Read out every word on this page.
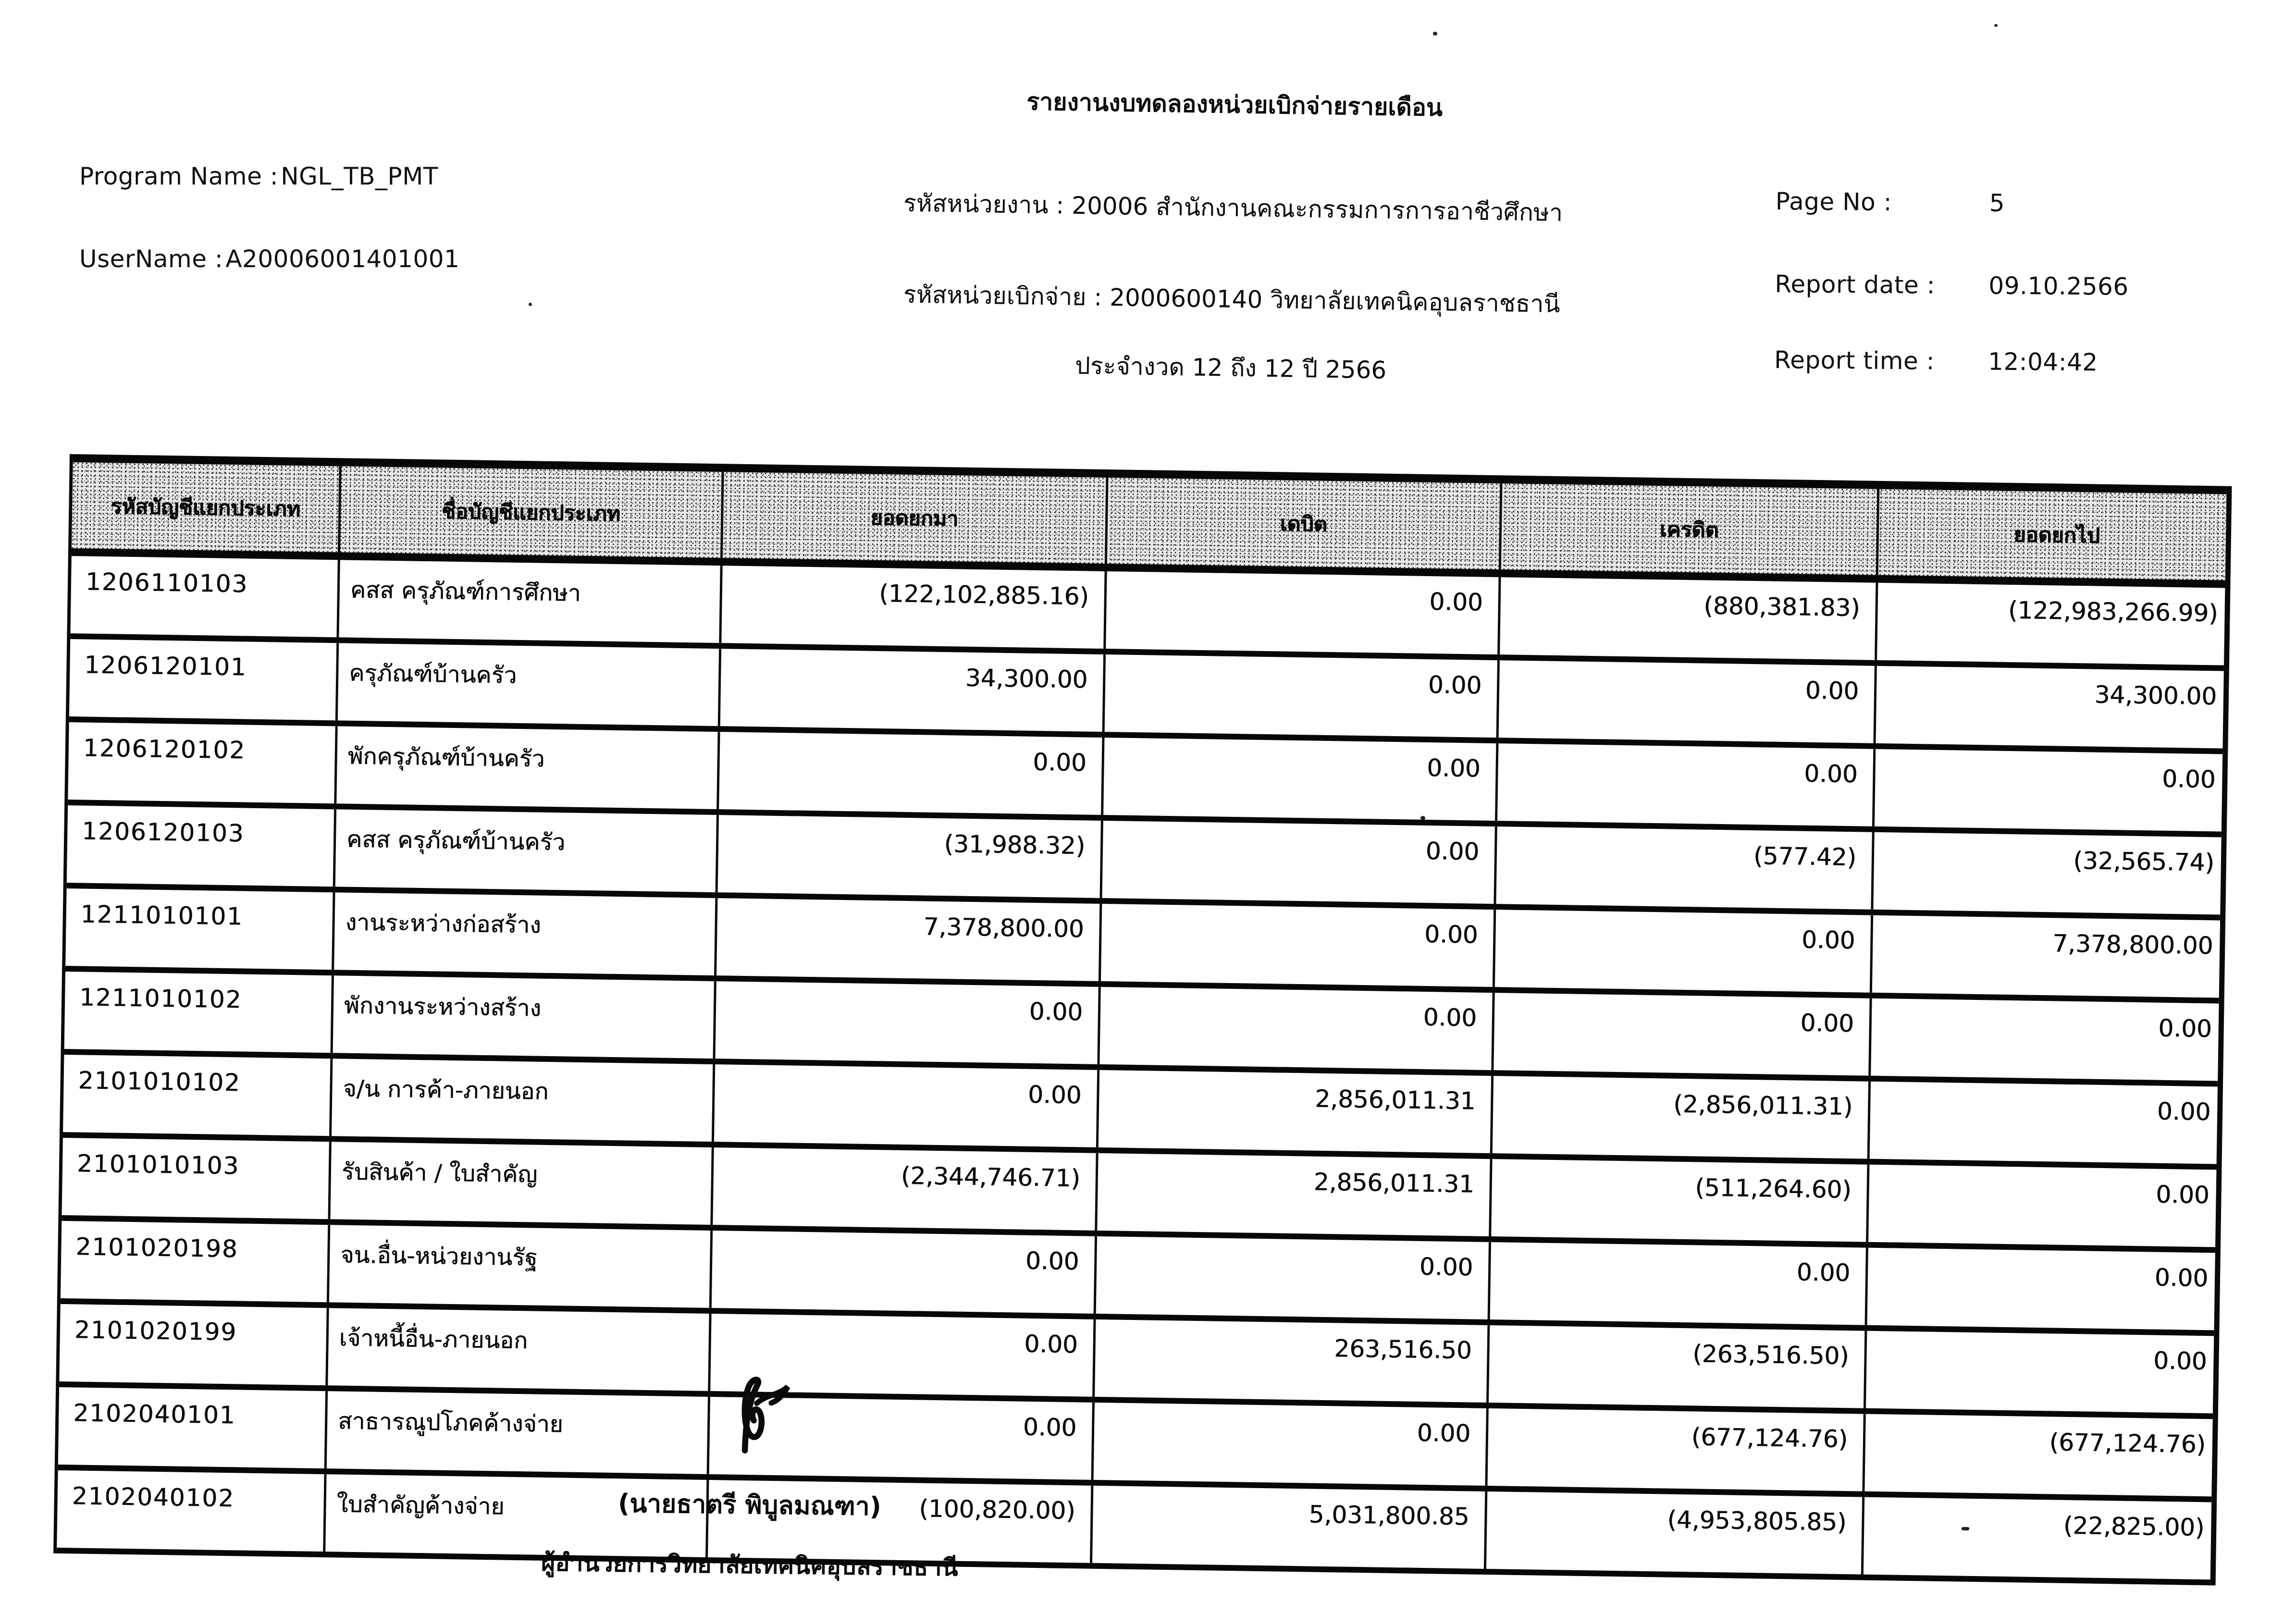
Program Name : NGL_TB_PMT
UserName : A20006001401001
รายงานงบทดลองหน่วยเบิกจ่ายรายเดือน
รหัสหน่วยงาน : 20006 สำนักงานคณะกรรมการการอาชีวศึกษา
รหัสหน่วยเบิกจ่าย : 2000600140 วิทยาลัยเทคนิคอุบลราชธานี
ประจำงวด 12 ถึง 12 ปี 2566
Page No :	5
Report date : 09.10.2566
Report time : 12:04:42
รหัสบัญชีแยกประเภท	ชื่อบัญชีแยกประเภท	ยอดยกมา	เดบิต	เครดิต	ยอดยกไป
1206110103	คสส ครุภัณฑ์การศึกษา	(122,102,885.16)	0.00	(880,381.83)	(122,983,266.99)
1206120101	ครุภัณฑ์บ้านครัว	34,300.00	0.00	0.00	34,300.00
1206120102	พักครุภัณฑ์บ้านครัว	0.00	0.00	0.00	0.00
1206120103	คสส ครุภัณฑ์บ้านครัว	(31,988.32)	0.00	(577.42)	(32,565.74)
1211010101	งานระหว่างก่อสร้าง	7,378,800.00	0.00	0.00	7,378,800.00
1211010102	พักงานระหว่างสร้าง	0.00	0.00	0.00	0.00
2101010102	จ/น การค้า-ภายนอก	0.00	2,856,011.31	(2,856,011.31)	0.00
2101010103	รับสินค้า / ใบสำคัญ	(2,344,746.71)	2,856,011.31	(511,264.60)	0.00
2101020198	จน.อื่น-หน่วยงานรัฐ	0.00	0.00	0.00	0.00
2101020199	เจ้าหนี้อื่น-ภายนอก	0.00	263,516.50	(263,516.50)	0.00
2102040101	สาธารณูปโภคค้างจ่าย	0.00	0.00	(677,124.76)	(677,124.76)
2102040102	ใบสำคัญค้างจ่าย	(100,820.00)	5,031,800.85	(4,953,805.85)	(22,825.00)
(นายธาตรี พิบูลมณฑา)
ผู้อำนวยการวิทยาลัยเทคนิคอุบลราชธานี
